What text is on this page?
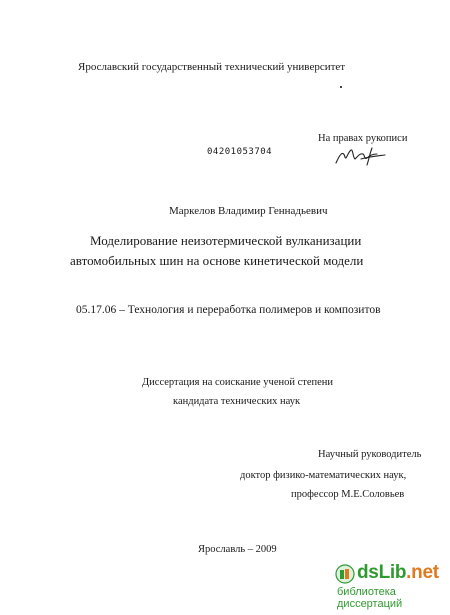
Ярославский государственный технический университет
На правах рукописи
04201053704
Маркелов Владимир Геннадьевич
Моделирование неизотермической вулканизации
автомобильных шин на основе кинетической модели
05.17.06 – Технология и переработка полимеров и композитов
Диссертация на соискание ученой степени
кандидата технических наук
Научный руководитель
доктор физико-математических наук,
профессор М.Е.Соловьев
Ярославль – 2009
dsLib.net
библиотека диссертаций
